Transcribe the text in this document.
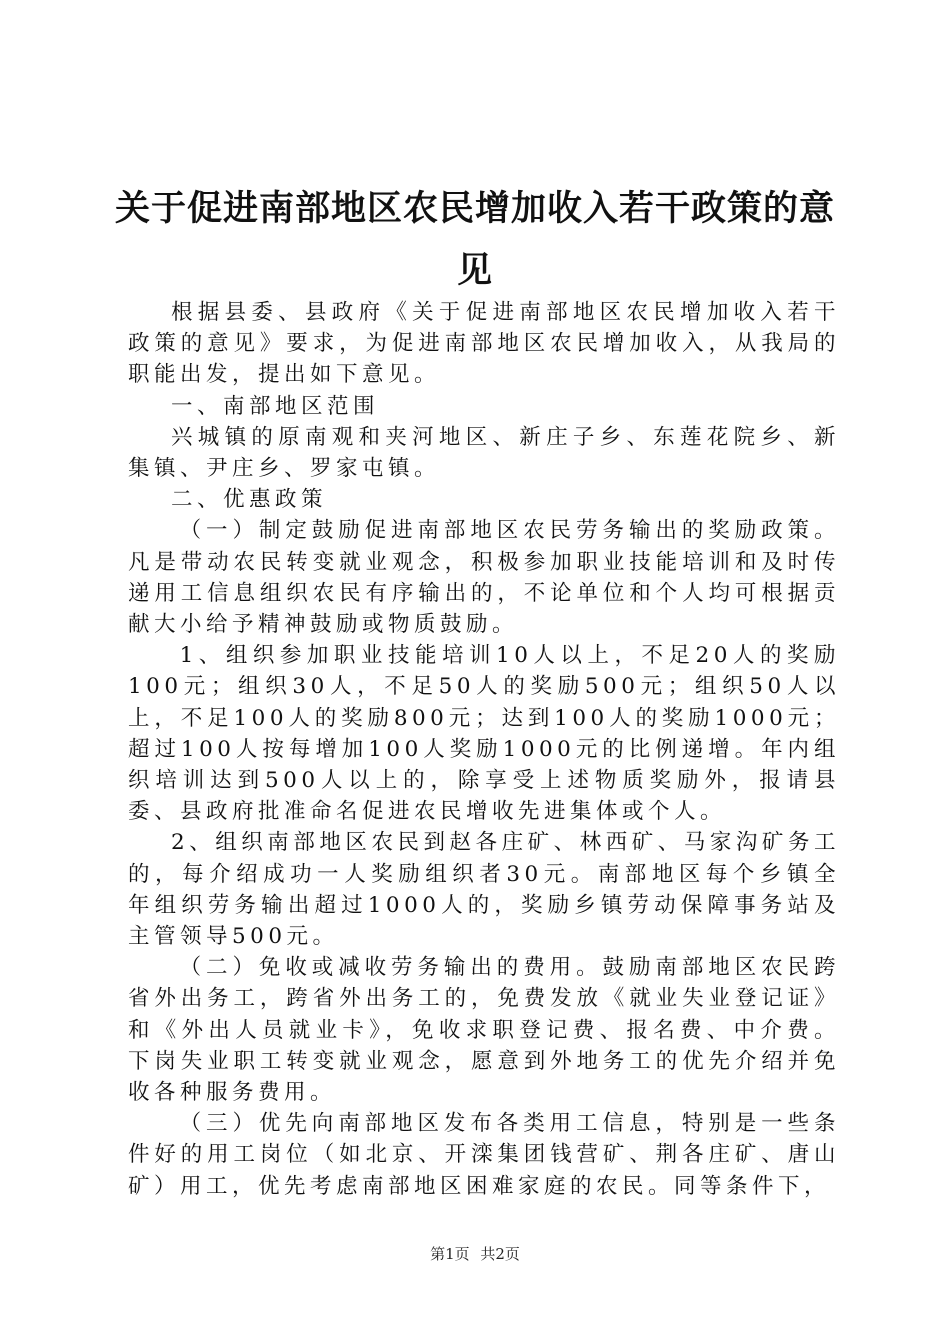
关于促进南部地区农民增加收入若干政策的意见

根据县委、县政府《关于促进南部地区农民增加收入若干政策的意见》要求，为促进南部地区农民增加收入，从我局的职能出发，提出如下意见。

一、南部地区范围

兴城镇的原南观和夹河地区、新庄子乡、东莲花院乡、新集镇、尹庄乡、罗家屯镇。

二、优惠政策

（一）制定鼓励促进南部地区农民劳务输出的奖励政策。凡是带动农民转变就业观念，积极参加职业技能培训和及时传递用工信息组织农民有序输出的，不论单位和个人均可根据贡献大小给予精神鼓励或物质鼓励。

1、组织参加职业技能培训10人以上，不足20人的奖励100元；组织30人，不足50人的奖励500元；组织50人以上，不足100人的奖励800元；达到100人的奖励1000元；超过100人按每增加100人奖励1000元的比例递增。年内组织培训达到500人以上的，除享受上述物质奖励外，报请县委、县政府批准命名促进农民增收先进集体或个人。

2、组织南部地区农民到赵各庄矿、林西矿、马家沟矿务工的，每介绍成功一人奖励组织者30元。南部地区每个乡镇全年组织劳务输出超过1000人的，奖励乡镇劳动保障事务站及主管领导500元。

（二）免收或减收劳务输出的费用。鼓励南部地区农民跨省外出务工，跨省外出务工的，免费发放《就业失业登记证》和《外出人员就业卡》，免收求职登记费、报名费、中介费。下岗失业职工转变就业观念，愿意到外地务工的优先介绍并免收各种服务费用。

（三）优先向南部地区发布各类用工信息，特别是一些条件好的用工岗位（如北京、开滦集团钱营矿、荆各庄矿、唐山矿）用工，优先考虑南部地区困难家庭的农民。同等条件下，

第1页 共2页
